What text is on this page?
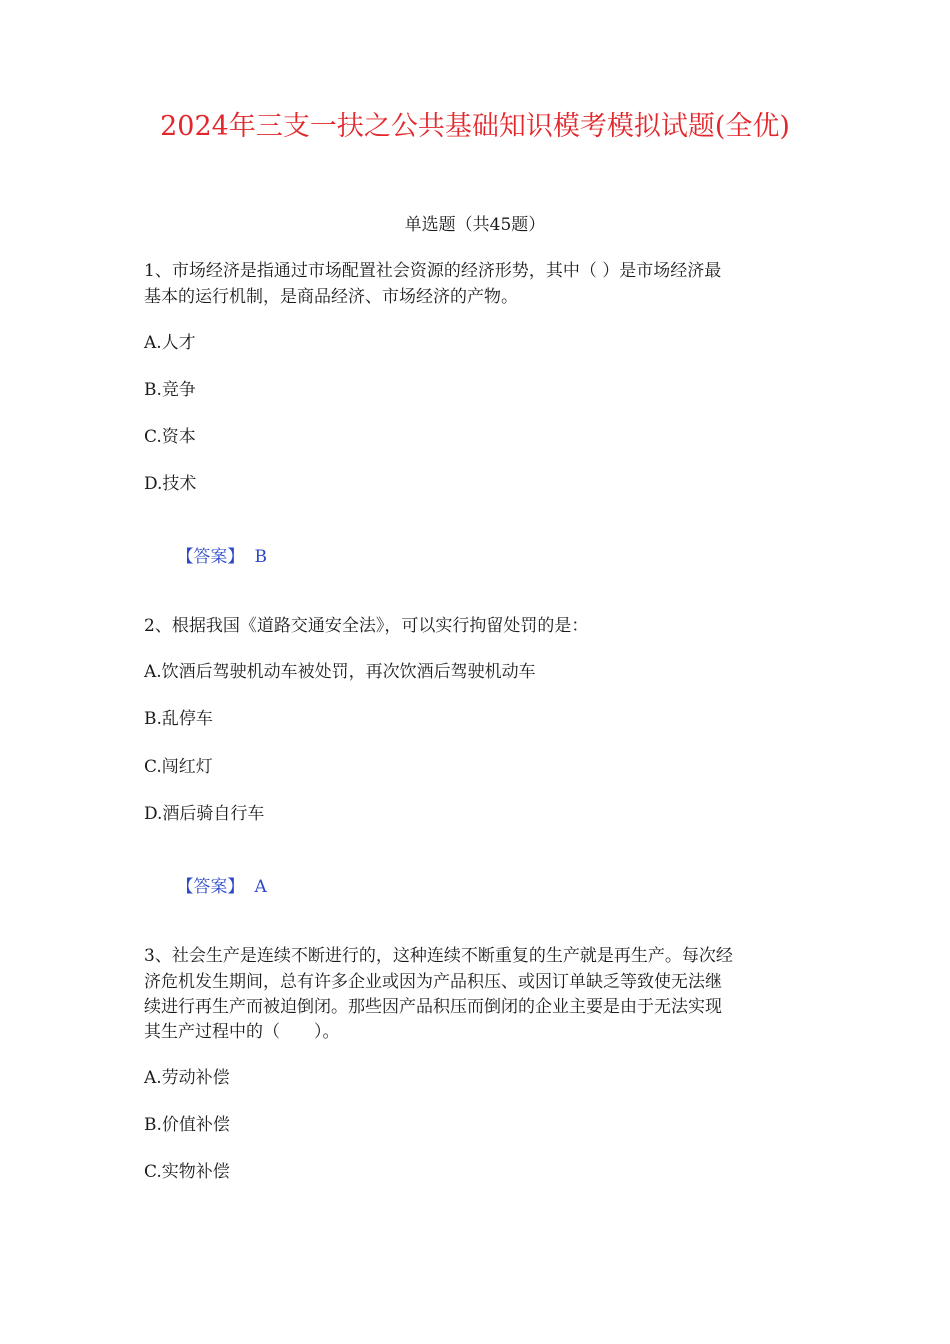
2024年三支一扶之公共基础知识模考模拟试题(全优)
单选题（共45题）
1、市场经济是指通过市场配置社会资源的经济形势，其中（ ）是市场经济最
基本的运行机制，是商品经济、市场经济的产物。
A.人才
B.竞争
C.资本
D.技术

【答案】 B

2、根据我国《道路交通安全法》，可以实行拘留处罚的是：
A.饮酒后驾驶机动车被处罚，再次饮酒后驾驶机动车
B.乱停车
C.闯红灯
D.酒后骑自行车

【答案】 A

3、社会生产是连续不断进行的，这种连续不断重复的生产就是再生产。每次经
济危机发生期间，总有许多企业或因为产品积压、或因订单缺乏等致使无法继
续进行再生产而被迫倒闭。那些因产品积压而倒闭的企业主要是由于无法实现
其生产过程中的（　　）。
A.劳动补偿
B.价值补偿
C.实物补偿
